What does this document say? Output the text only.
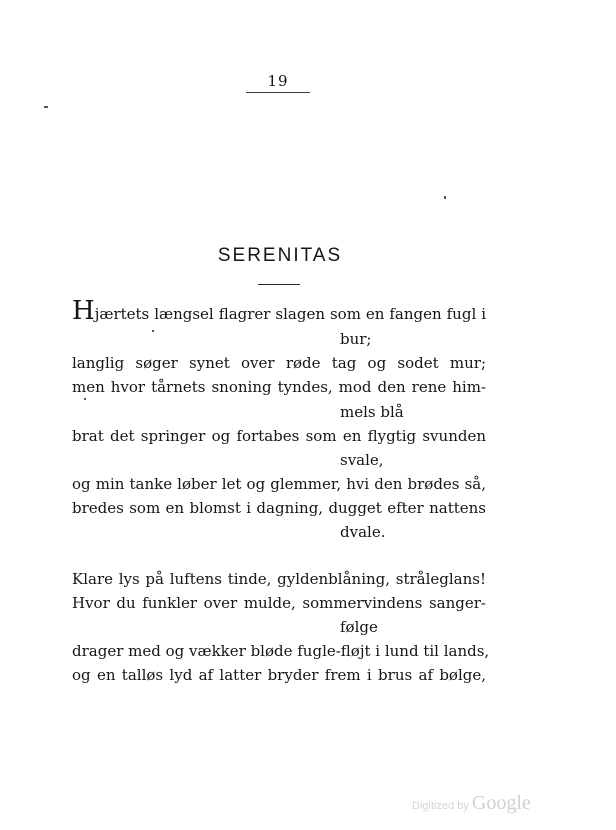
19
SERENITAS
Hjærtets længsel flagrer slagen som en fangen fugl i
bur;
langlig søger synet over røde tag og sodet mur;
men hvor tårnets snoning tyndes, mod den rene him-
mels blå
brat det springer og fortabes som en flygtig svunden
svale,
og min tanke løber let og glemmer, hvi den brødes så,
bredes som en blomst i dagning, dugget efter nattens
dvale.
Klare lys på luftens tinde, gyldenblåning, stråleglans!
Hvor du funkler over mulde, sommervindens sanger-
følge
drager med og vækker bløde fugle-fløjt i lund til lands,
og en talløs lyd af latter bryder frem i brus af bølge,
Digitized by Google
